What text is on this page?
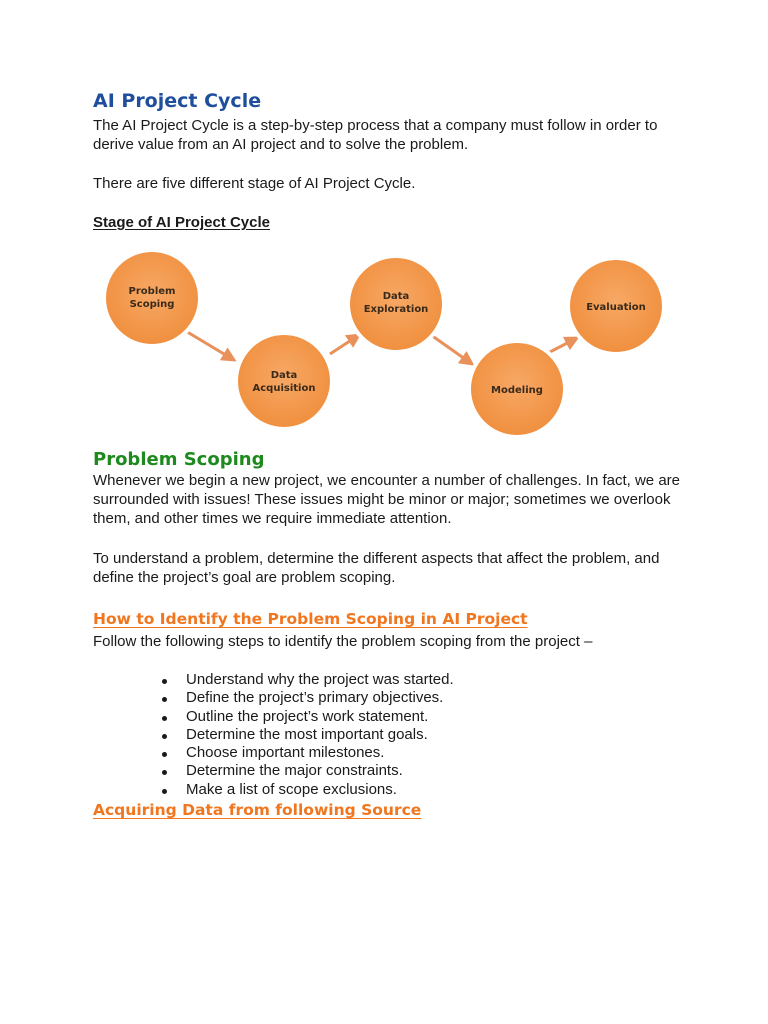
AI Project Cycle

The AI Project Cycle is a step-by-step process that a company must follow in order to derive value from an AI project and to solve the problem.

There are five different stage of AI Project Cycle.

Stage of AI Project Cycle

Problem
Scoping
Data
Acquisition
Data
Exploration
Modeling
Evaluation
Problem Scoping

Whenever we begin a new project, we encounter a number of challenges. In fact, we are surrounded with issues! These issues might be minor or major; sometimes we overlook them, and other times we require immediate attention.

To understand a problem, determine the different aspects that affect the problem, and define the project’s goal are problem scoping.

How to Identify the Problem Scoping in AI Project

Follow the following steps to identify the problem scoping from the project –

Understand why the project was started.
Define the project’s primary objectives.
Outline the project’s work statement.
Determine the most important goals.
Choose important milestones.
Determine the major constraints.
Make a list of scope exclusions.
Acquiring Data from following Source
